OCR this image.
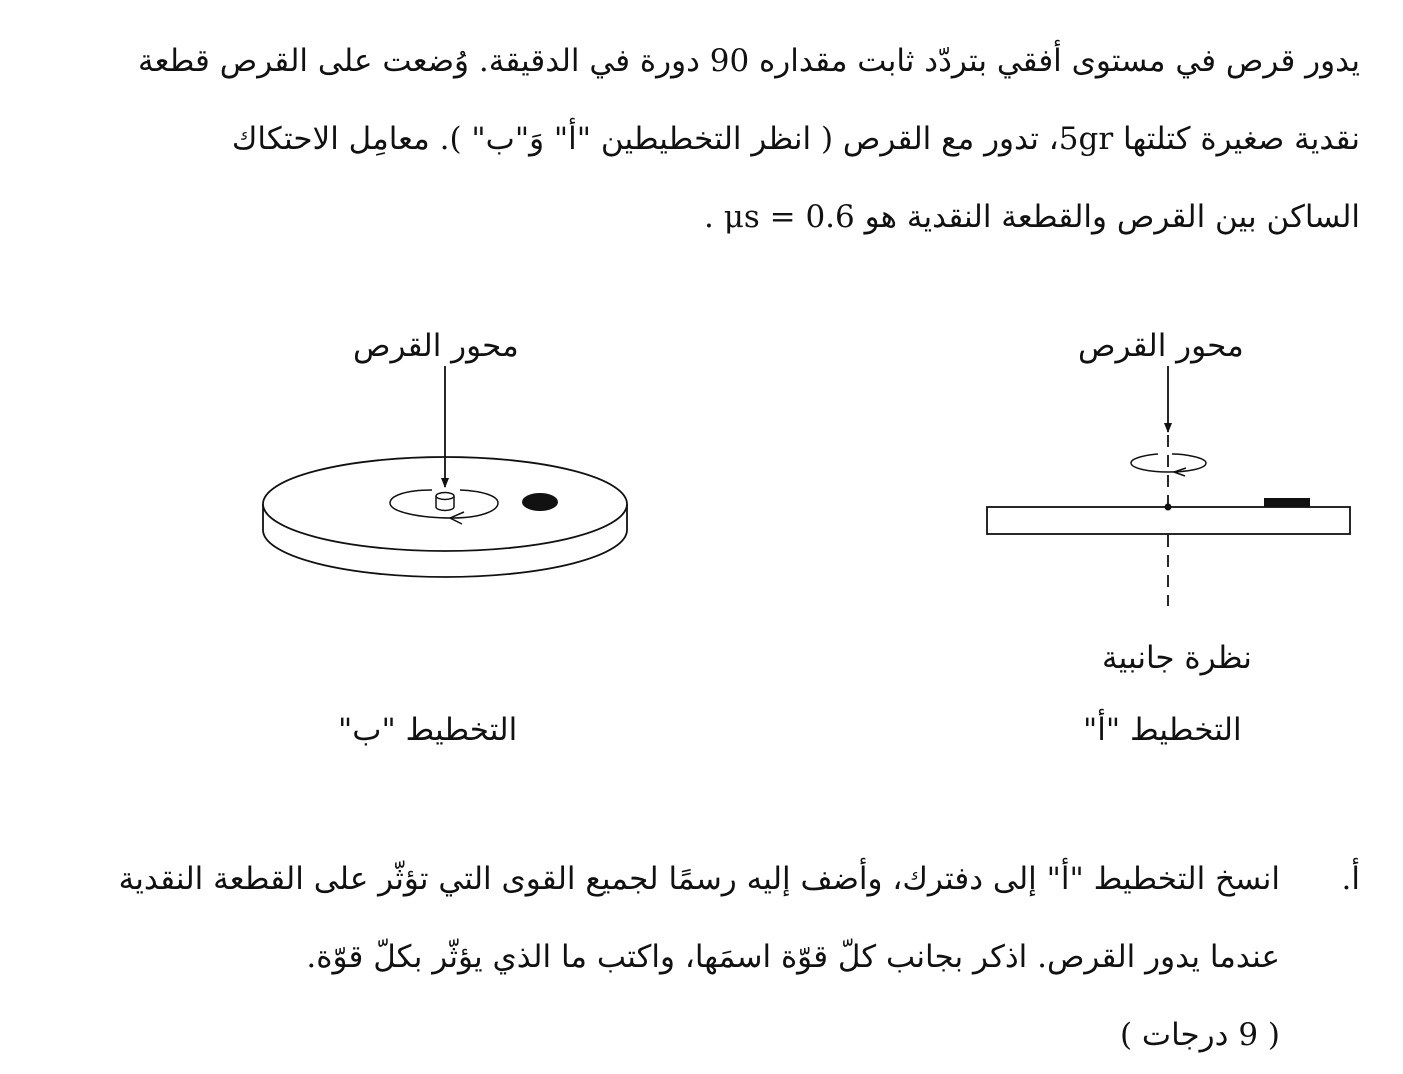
يدور قرص في مستوى أفقي بتردّد ثابت مقداره 90 دورة في الدقيقة. وُضعت على القرص قطعة
نقدية صغيرة كتلتها 5gr، تدور مع القرص ( انظر التخطيطين "أ" وَ"ب" ). معامِل الاحتكاك
الساكن بين القرص والقطعة النقدية هو μs = 0.6 .
محور القرص
نظرة جانبية
التخطيط "أ"
محور القرص
التخطيط "ب"
أ.
انسخ التخطيط "أ" إلى دفترك، وأضف إليه رسمًا لجميع القوى التي تؤثّر على القطعة النقدية
عندما يدور القرص. اذكر بجانب كلّ قوّة اسمَها، واكتب ما الذي يؤثّر بكلّ قوّة.
( 9 درجات )
